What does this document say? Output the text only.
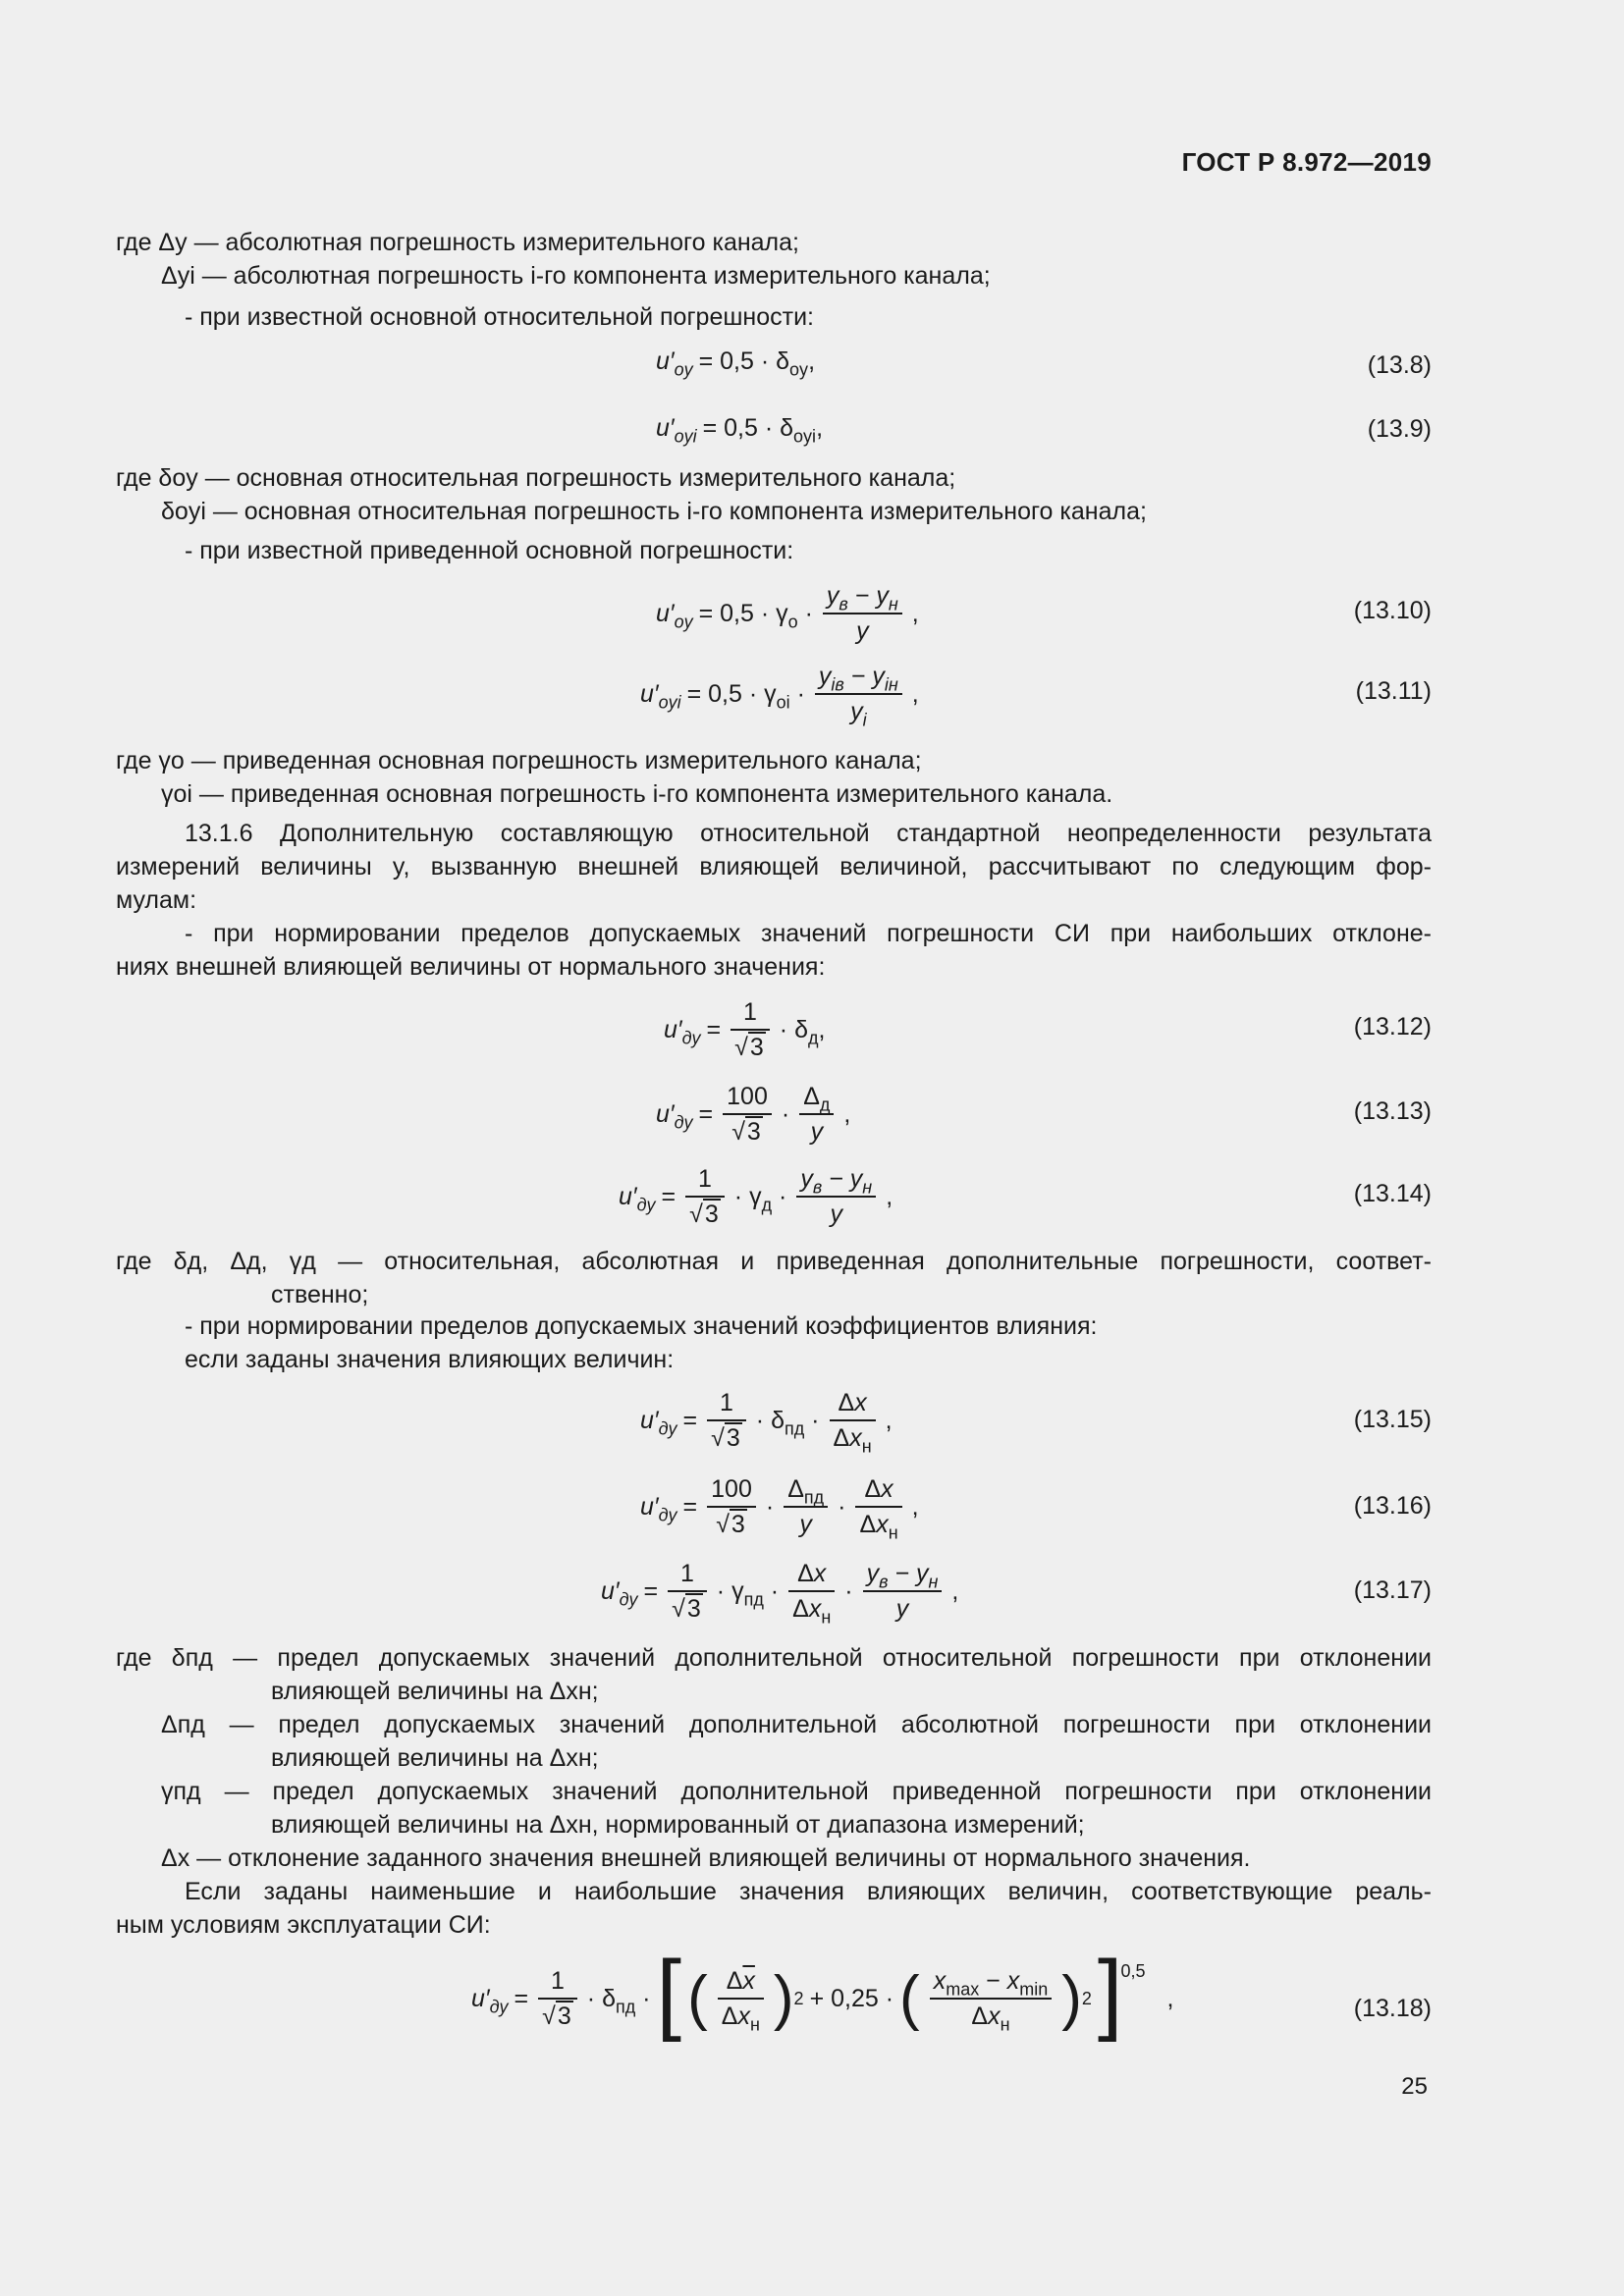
ГОСТ Р 8.972—2019
где Δy — абсолютная погрешность измерительного канала;
Δyi — абсолютная погрешность i-го компонента измерительного канала;
- при известной основной относительной погрешности:
$u'_{oy} = 0,5 \cdot \delta_{oy}$,	(13.8)
$u'_{oyi} = 0,5 \cdot \delta_{oyi}$,	(13.9)
где δoy — основная относительная погрешность измерительного канала;
δoyi — основная относительная погрешность i-го компонента измерительного канала;
- при известной приведенной основной погрешности:
$u'_{oy} = 0,5 \cdot \gamma_o \cdot \frac{y_в - y_н}{y}$ ,	(13.10)
$u'_{oyi} = 0,5 \cdot \gamma_{oi} \cdot \frac{y_{iв} - y_{iн}}{y_i}$ ,	(13.11)
где γo — приведенная основная погрешность измерительного канала;
γoi — приведенная основная погрешность i-го компонента измерительного канала.
13.1.6 Дополнительную составляющую относительной стандартной неопределенности результата
измерений величины y, вызванную внешней влияющей величиной, рассчитывают по следующим фор-
мулам:
- при нормировании пределов допускаемых значений погрешности СИ при наибольших отклоне-
ниях внешней влияющей величины от нормального значения:
$u'_{дy} = \frac{1}{√3} \cdot \delta_д$,	(13.12)
$u'_{дy} = \frac{100}{√3} \cdot \frac{\Delta_д}{y}$ ,	(13.13)
$u'_{дy} = \frac{1}{√3} \cdot \gamma_д \cdot \frac{y_в - y_н}{y}$ ,	(13.14)
где δд, Δд, γд — относительная, абсолютная и приведенная дополнительные погрешности, соответ-
ственно;
- при нормировании пределов допускаемых значений коэффициентов влияния:
если заданы значения влияющих величин:
$u'_{дy} = \frac{1}{√3} \cdot \delta_{пд} \cdot \frac{\Delta x}{\Delta x_н}$ ,	(13.15)
$u'_{дy} = \frac{100}{√3} \cdot \frac{\Delta_{пд}}{y} \cdot \frac{\Delta x}{\Delta x_н}$ ,	(13.16)
$u'_{дy} = \frac{1}{√3} \cdot \gamma_{пд} \cdot \frac{\Delta x}{\Delta x_н} \cdot \frac{y_в - y_н}{y}$ ,	(13.17)
где δпд — предел допускаемых значений дополнительной относительной погрешности при отклонении
влияющей величины на Δxн;
Δпд — предел допускаемых значений дополнительной абсолютной погрешности при отклонении
влияющей величины на Δxн;
γпд — предел допускаемых значений дополнительной приведенной погрешности при отклонении
влияющей величины на Δxн, нормированный от диапазона измерений;
Δx — отклонение заданного значения внешней влияющей величины от нормального значения.
Если заданы наименьшие и наибольшие значения влияющих величин, соответствующие реаль-
ным условиям эксплуатации СИ:
$u'_{дy} = \frac{1}{√3} \cdot \delta_{пд}$ · [ ( $\frac{\Delta\overline{x}}{\Delta x_н}$ ) 2 + 0,25 · ( $\frac{x_{max} - x_{min}}{\Delta x_н}$ ) 2 ]
$^{0,5}$
,	(13.18)
25
